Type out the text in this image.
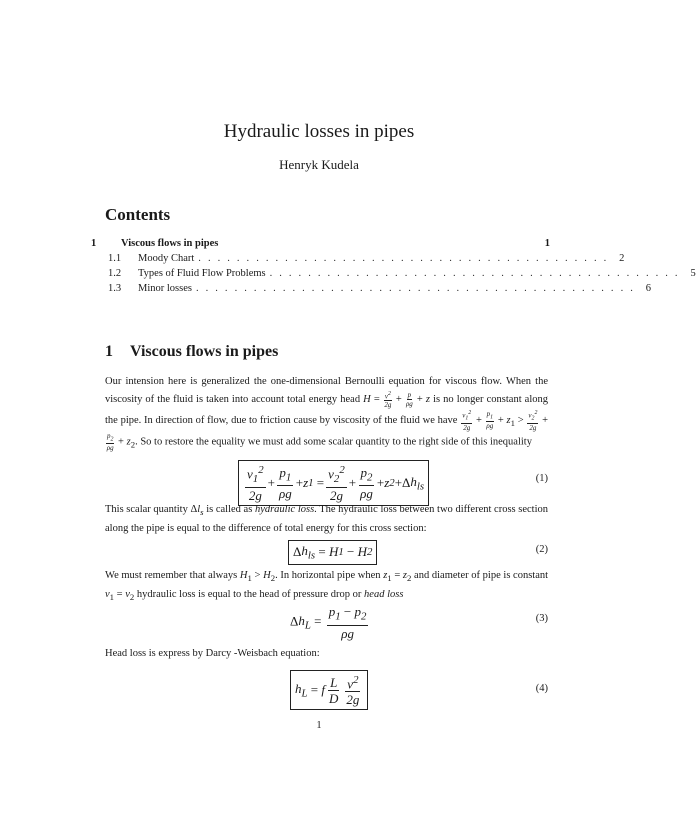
Hydraulic losses in pipes
Henryk Kudela
Contents
1	Viscous flows in pipes	1
1.1	Moody Chart . . . . . . . . . . . . . . . . . . . . . . . . . . . . . . . . . . . . . . . . . . .	2
1.2	Types of Fluid Flow Problems . . . . . . . . . . . . . . . . . . . . . . . . . . . . . . . . . . . . . . . . . . .	5
1.3	Minor losses . . . . . . . . . . . . . . . . . . . . . . . . . . . . . . . . . . . . . . . . . . . . . .	6
1 Viscous flows in pipes
Our intension here is generalized the one-dimensional Bernoulli equation for viscous flow. When the viscosity of the fluid is taken into account total energy head $H = \frac{v^2}{2g} + \frac{p}{\rho g} + z$ is no longer constant along the pipe. In direction of flow, due to friction cause by viscosity of the fluid we have $\frac{v_1^2}{2g} + \frac{p_1}{\rho g} + z_1 > \frac{v_2^2}{2g}$ +
$\frac{p_2}{\rho g} + z_2$. So to restore the equality we must add some scalar quantity to the right side of this inequality
$\frac{v_1^2}{2g} + \frac{p_1}{\rho g} + z$ 1
= $\frac{v_2^2}{2g} + \frac{p_2}{\rho g} + z$ 2 +Δ $h_{ls}$
(1)
This scalar quantity $\Delta l_s$ is called as hydraulic loss. The hydraulic loss between two different cross section along the pipe is equal to the difference of total energy for this cross section:
Δ $h_{ls}$
=
H 1
−
H 2	(2)
We must remember that always $H_1 > H_2$. In horizontal pipe when $z_1 = z_2$ and diameter of pipe is constant $v_1 = v_2$ hydraulic loss is equal to the head of pressure drop or head loss
$\Delta h_L = \frac{p_1 - p_2}{\rho g}$	(3)
Head loss is express by Darcy -Weisbach equation:
$h_L$
=
f $\frac{L}{D} \frac{v^2}{2g}$	(4)
1
